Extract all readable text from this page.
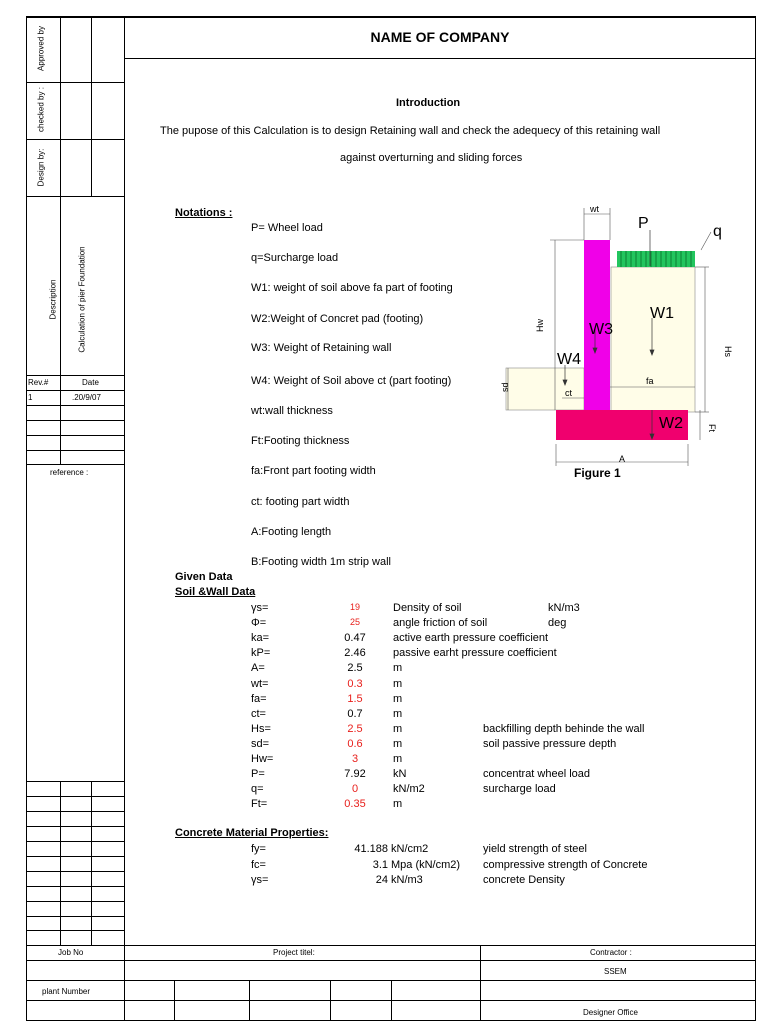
NAME OF COMPANY
Approved by
checked by :
Design by:
Description	Calculation of pier Foundation
Rev.#	Date
1	.20/9/07
reference :
Introduction
The pupose of this Calculation is to design Retaining wall and check the adequecy of this retaining wall
against overturning and sliding forces
Notations :
P= Wheel load
q=Surcharge load
W1: weight of soil above fa part of footing
W2:Weight of Concret pad (footing)
W3: Weight of Retaining wall
W4: Weight of Soil above ct (part footing)
wt:wall thickness
Ft:Footing thickness
fa:Front part footing width
ct: footing part width
A:Footing length
B:Footing width 1m strip wall
wt
P	q
W1
W3
W4
W2
fa
ct
A
Hw
Hs
sd
Ft
Figure 1
Given Data
Soil &Wall Data
γs=	19	Density of soil	kN/m3
Φ=	25	angle friction of soil	deg
ka=	0.47	active earth pressure coefficient
kP=	2.46	passive earht pressure coefficient
A=	2.5	m
wt=	0.3	m
fa=	1.5	m
ct=	0.7	m
Hs=	2.5	m	backfilling depth behinde the wall
sd=	0.6	m	soil passive pressure depth
Hw=	3	m
P=	7.92	kN	concentrat wheel load
q=	0	kN/m2	surcharge load
Ft=	0.35	m
Concrete Material Properties:
fy=	41.188 kN/cm2	yield strength of steel
fc=	3.1 Mpa (kN/cm2) compressive strength of Concrete
γs=	24 kN/m3	concrete Density
Job No	Project titel:	Contractor :
SSEM
plant Number
Designer Office
